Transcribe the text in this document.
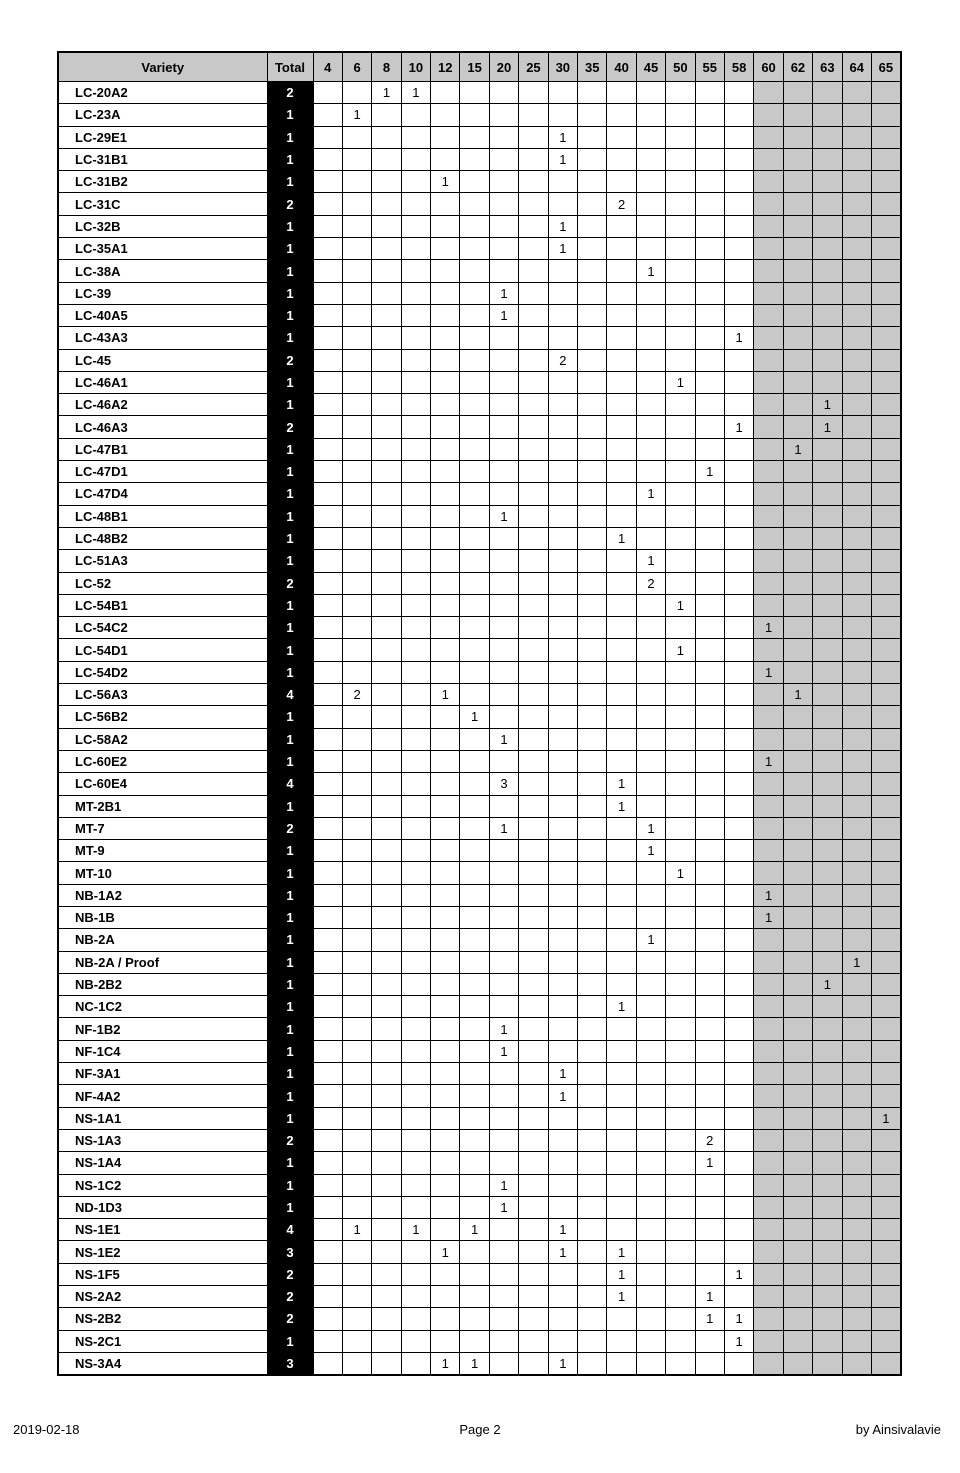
Variety	Total	4	6	8	10	12	15	20	25	30	35	40	45	50	55	58	60	62	63	64	65
LC-20A2	2			1	1																
LC-23A	1		1																		
LC-29E1	1									1											
LC-31B1	1									1											
LC-31B2	1					1															
LC-31C	2											2									
LC-32B	1									1											
LC-35A1	1									1											
LC-38A	1												1								
LC-39	1							1													
LC-40A5	1							1													
LC-43A3	1															1					
LC-45	2									2											
LC-46A1	1													1							
LC-46A2	1																		1		
LC-46A3	2															1			1		
LC-47B1	1																	1			
LC-47D1	1														1						
LC-47D4	1												1								
LC-48B1	1							1													
LC-48B2	1											1									
LC-51A3	1												1								
LC-52	2												2								
LC-54B1	1													1							
LC-54C2	1																1				
LC-54D1	1													1							
LC-54D2	1																1				
LC-56A3	4		2			1												1			
LC-56B2	1						1														
LC-58A2	1							1													
LC-60E2	1																1				
LC-60E4	4							3				1									
MT-2B1	1											1									
MT-7	2							1					1								
MT-9	1												1								
MT-10	1													1							
NB-1A2	1																1				
NB-1B	1																1				
NB-2A	1												1								
NB-2A / Proof	1																			1	
NB-2B2	1																		1		
NC-1C2	1											1									
NF-1B2	1							1													
NF-1C4	1							1													
NF-3A1	1									1											
NF-4A2	1									1											
NS-1A1	1																				1
NS-1A3	2														2						
NS-1A4	1														1						
NS-1C2	1							1													
ND-1D3	1							1													
NS-1E1	4		1		1		1			1											
NS-1E2	3					1				1		1									
NS-1F5	2											1				1					
NS-2A2	2											1			1						
NS-2B2	2														1	1					
NS-2C1	1															1					
NS-3A4	3					1	1			1											
2019-02-18	Page 2	by Ainsivalavie
